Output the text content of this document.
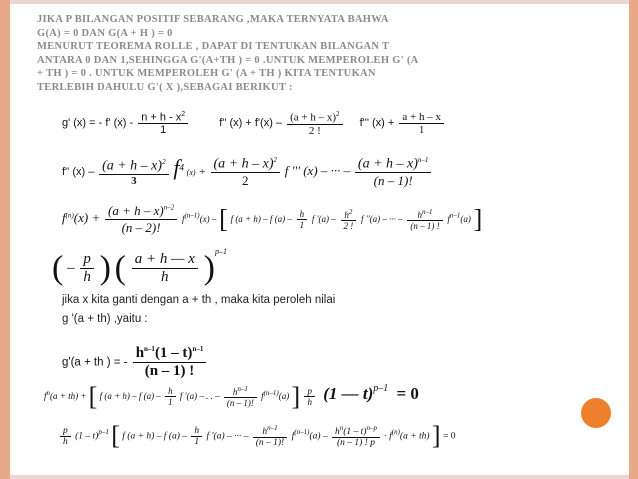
JIKA P BILANGAN POSITIF SEBARANG ,MAKA TERNYATA BAHWA
G(A) = 0 DAN G(A + H ) = 0
MENURUT TEOREMA ROLLE , DAPAT DI TENTUKAN BILANGAN T
ANTARA 0 DAN 1,SEHINGGA G'(A+TH ) = 0 .UNTUK MEMPEROLEH G' (A
+ TH ) = 0 . UNTUK MEMPEROLEH G' (A + TH ) KITA TENTUKAN
TERLEBIH DAHULU G'( X ),SEBAGAI BERIKUT :
g' (x) = - f' $(x) - \frac{n + h - x^2}{1}$	f'' $(x) + f'(x) - \frac{(a + h - x)^2}{2 !} f'''$ $(x) + \frac{a + h - x}{1}$
f'' $(x) - \frac{(a + h - x)^2}{3} f^4$ $(x) + \frac{(a + h - x)^2}{2}$ f ''' (x) – ··· – $\frac{(a + h - x)^{n-1}}{(n - 1)!}$
$f^{(n)}(x) + \frac{(a + h - x)^{n-2}}{(n - 2)!} f^{(n-1)}(x)$ – [ f (a + h) – f $(a) - \frac{h}{1}$ f '$(a) - \frac{h^2}{2 !}$ f ''(a) – ··· – $\frac{h^{n-1}}{(n - 1) !} f^{n-1}(a)$ ]
( – $\frac{p}{h}$ ) ( $\frac{a + h — x}{h} )^{p-1}$
jika x kita ganti dengan a + th , maka kita peroleh nilai
g '(a + th) ,yaitu :
g'(a + th ) = - $\frac{h^{n-1}(1 - t)^{n-1}}{(n - 1) !}$
$f^n(a + th)$ + [ f (a + h) – f $(a) - \frac{h}{1}$ f '(a) – . . – $\frac{h^{n-1}}{(n - 1)!} f^{(n-1)}(a)$ ] $\frac{p}{h} (1$ — t)$^{p-1}$ = 0
$\frac{p}{h} (1 - t)^{p-1}$ [ f (a + h) – f $(a) - \frac{h}{1}$ f '(a) – ··· – $\frac{h^{n-1}}{(n - 1)!} f^{(n-1)}(a) - \frac{h^n(1 - t)^{n-p}}{(n - 1) ! p} \cdot f^{(n)}(a + th)$ ] = 0
